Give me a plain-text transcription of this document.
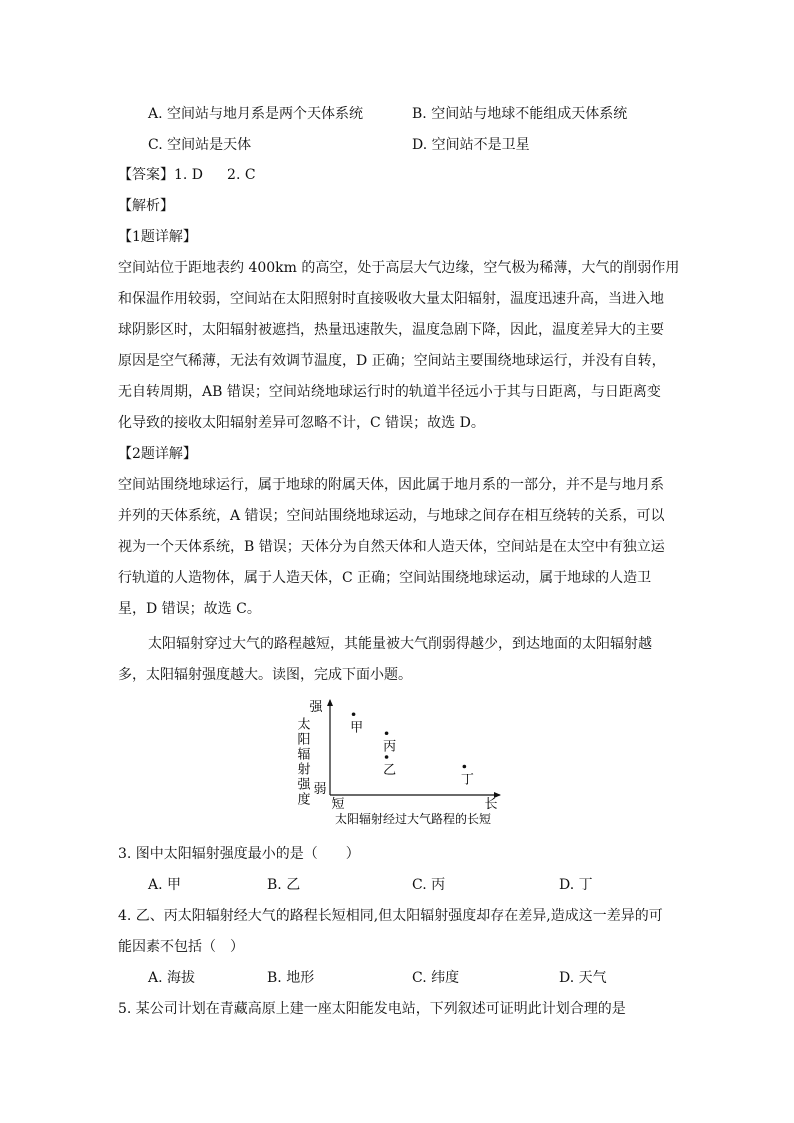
A. 空间站与地月系是两个天体系统	B. 空间站与地球不能组成天体系统
C. 空间站是天体	D. 空间站不是卫星
【答案】1. D 2. C
【解析】
【1题详解】
空间站位于距地表约 400km 的高空，处于高层大气边缘，空气极为稀薄，大气的削弱作用
和保温作用较弱，空间站在太阳照射时直接吸收大量太阳辐射，温度迅速升高，当进入地
球阴影区时，太阳辐射被遮挡，热量迅速散失，温度急剧下降，因此，温度差异大的主要
原因是空气稀薄，无法有效调节温度，D 正确；空间站主要围绕地球运行，并没有自转，
无自转周期，AB 错误；空间站绕地球运行时的轨道半径远小于其与日距离，与日距离变
化导致的接收太阳辐射差异可忽略不计，C 错误；故选 D。
【2题详解】
空间站围绕地球运行，属于地球的附属天体，因此属于地月系的一部分，并不是与地月系
并列的天体系统，A 错误；空间站围绕地球运动，与地球之间存在相互绕转的关系，可以
视为一个天体系统，B 错误；天体分为自然天体和人造天体，空间站是在太空中有独立运
行轨道的人造物体，属于人造天体，C 正确；空间站围绕地球运动，属于地球的人造卫
星，D 错误；故选 C。
太阳辐射穿过大气的路程越短，其能量被大气削弱得越少，到达地面的太阳辐射越
多，太阳辐射强度越大。读图，完成下面小题。
强
弱
短	长
太阳辐射强度
太阳辐射经过大气路程的长短
甲
丙
乙
丁
3. 图中太阳辐射强度最小的是（　　）
A. 甲	B. 乙	C. 丙	D. 丁
4. 乙、丙太阳辐射经大气的路程长短相同,但太阳辐射强度却存在差异,造成这一差异的可
能因素不包括（　）
A. 海拔	B. 地形	C. 纬度	D. 天气
5. 某公司计划在青藏高原上建一座太阳能发电站，下列叙述可证明此计划合理的是
